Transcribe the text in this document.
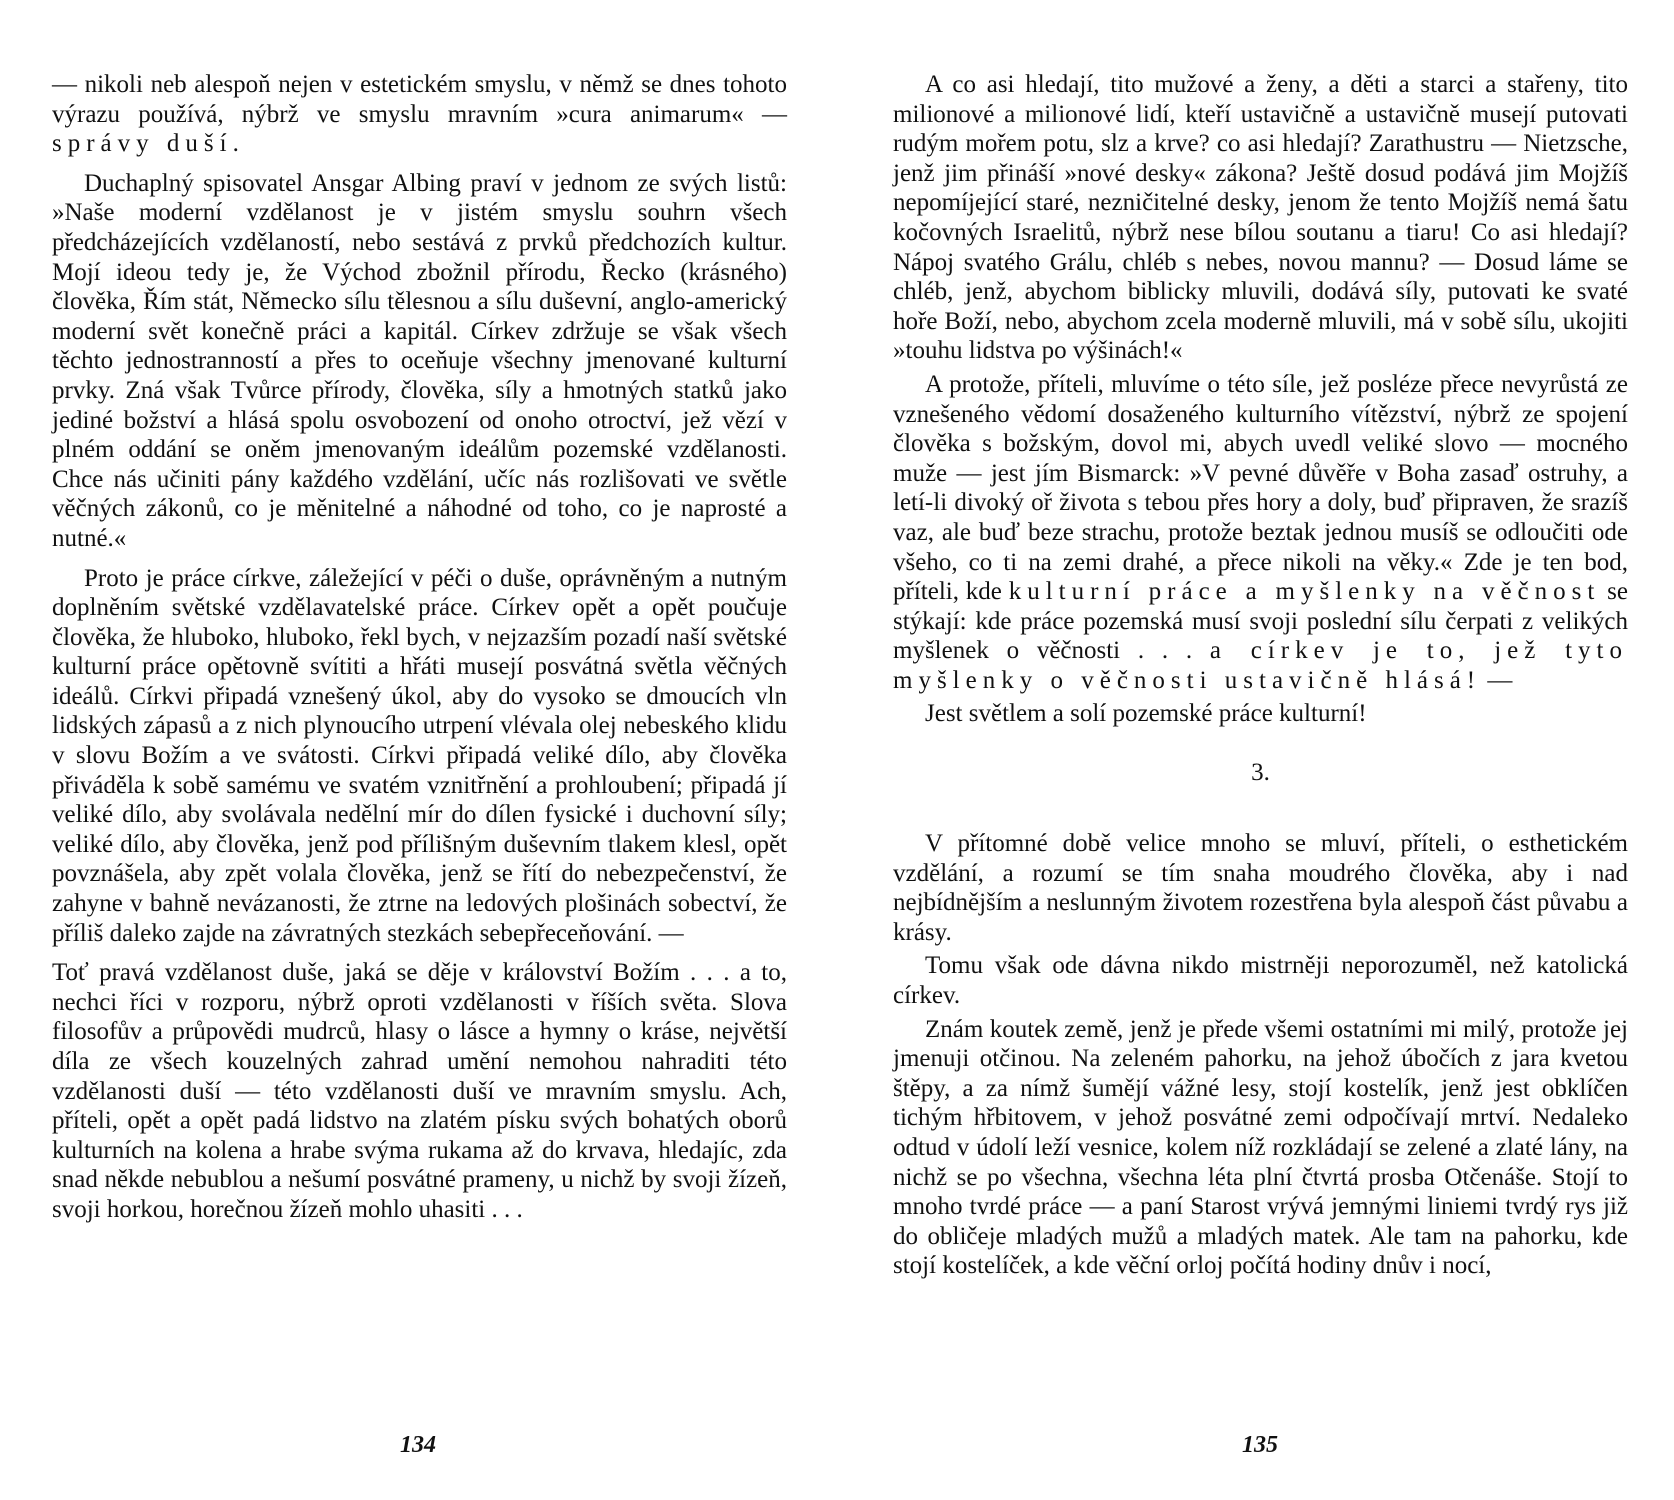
— nikoli neb alespoň nejen v estetickém smyslu, v němž se dnes tohoto výrazu používá, nýbrž ve smyslu mravním »cura animarum« — správy duší.

Duchaplný spisovatel Ansgar Albing praví v jednom ze svých listů: »Naše moderní vzdělanost je v jistém smyslu souhrn všech předcházejících vzdělaností, nebo sestává z prvků předchozích kultur. Mojí ideou tedy je, že Východ zbožnil přírodu, Řecko (krásného) člověka, Řím stát, Německo sílu tělesnou a sílu duševní, anglo-americký moderní svět konečně práci a kapitál. Církev zdržuje se však všech těchto jednostranností a přes to oceňuje všechny jmenované kulturní prvky. Zná však Tvůrce přírody, člověka, síly a hmotných statků jako jediné božství a hlásá spolu osvobození od onoho otroctví, jež vězí v plném oddání se oněm jmenovaným ideálům pozemské vzdělanosti. Chce nás učiniti pány každého vzdělání, učíc nás rozlišovati ve světle věčných zákonů, co je měnitelné a náhodné od toho, co je naprosté a nutné.«

Proto je práce církve, záležející v péči o duše, oprávněným a nutným doplněním světské vzdělavatelské práce. Církev opět a opět poučuje člověka, že hluboko, hluboko, řekl bych, v nejzazším pozadí naší světské kulturní práce opětovně svítiti a hřáti musejí posvátná světla věčných ideálů. Církvi připadá vznešený úkol, aby do vysoko se dmoucích vln lidských zápasů a z nich plynoucího utrpení vlévala olej nebeského klidu v slovu Božím a ve svátosti. Církvi připadá veliké dílo, aby člověka přiváděla k sobě samému ve svatém vznitřnění a prohloubení; připadá jí veliké dílo, aby svolávala nedělní mír do dílen fysické i duchovní síly; veliké dílo, aby člověka, jenž pod přílišným duševním tlakem klesl, opět povznášela, aby zpět volala člověka, jenž se řítí do nebezpečenství, že zahyne v bahně nevázanosti, že ztrne na ledových plošinách sobectví, že příliš daleko zajde na závratných stezkách sebepřeceňování. —

Toť pravá vzdělanost duše, jaká se děje v království Božím . . . a to, nechci říci v rozporu, nýbrž oproti vzdělanosti v říších světa. Slova filosofův a průpovědi mudrců, hlasy o lásce a hymny o kráse, největší díla ze všech kouzelných zahrad umění nemohou nahraditi této vzdělanosti duší — této vzdělanosti duší ve mravním smyslu. Ach, příteli, opět a opět padá lidstvo na zlatém písku svých bohatých oborů kulturních na kolena a hrabe svýma rukama až do krvava, hledajíc, zda snad někde nebublou a nešumí posvátné prameny, u nichž by svoji žízeň, svoji horkou, horečnou žízeň mohlo uhasiti . . .

134

A co asi hledají, tito mužové a ženy, a děti a starci a stařeny, tito milionové a milionové lidí, kteří ustavičně a ustavičně musejí putovati rudým mořem potu, slz a krve? co asi hledají? Zarathustru — Nietzsche, jenž jim přináší »nové desky« zákona? Ještě dosud podává jim Mojžíš nepomíjející staré, nezničitelné desky, jenom že tento Mojžíš nemá šatu kočovných Israelitů, nýbrž nese bílou soutanu a tiaru! Co asi hledají? Nápoj svatého Grálu, chléb s nebes, novou mannu? — Dosud láme se chléb, jenž, abychom biblicky mluvili, dodává síly, putovati ke svaté hoře Boží, nebo, abychom zcela moderně mluvili, má v sobě sílu, ukojiti »touhu lidstva po výšinách!«

A protože, příteli, mluvíme o této síle, jež posléze přece nevyrůstá ze vznešeného vědomí dosaženého kulturního vítězství, nýbrž ze spojení člověka s božským, dovol mi, abych uvedl veliké slovo — mocného muže — jest jím Bismarck: »V pevné důvěře v Boha zasaď ostruhy, a letí-li divoký oř života s tebou přes hory a doly, buď připraven, že srazíš vaz, ale buď beze strachu, protože beztak jednou musíš se odloučiti ode všeho, co ti na zemi drahé, a přece nikoli na věky.« Zde je ten bod, příteli, kde kulturní práce a myšlenky na věčnost se stýkají: kde práce pozemská musí svoji poslední sílu čerpati z velikých myšlenek o věčnosti . . . a církev je to, jež tyto myšlenky o věčnosti ustavičně hlásá! —

Jest světlem a solí pozemské práce kulturní!

3.

V přítomné době velice mnoho se mluví, příteli, o esthetickém vzdělání, a rozumí se tím snaha moudrého člověka, aby i nad nejbídnějším a neslunným životem rozestřena byla alespoň část půvabu a krásy.

Tomu však ode dávna nikdo mistrněji neporozuměl, než katolická církev.

Znám koutek země, jenž je přede všemi ostatními mi milý, protože jej jmenuji otčinou. Na zeleném pahorku, na jehož úbočích z jara kvetou štěpy, a za nímž šumějí vážné lesy, stojí kostelík, jenž jest obklíčen tichým hřbitovem, v jehož posvátné zemi odpočívají mrtví. Nedaleko odtud v údolí leží vesnice, kolem níž rozkládají se zelené a zlaté lány, na nichž se po všechna, všechna léta plní čtvrtá prosba Otčenáše. Stojí to mnoho tvrdé práce — a paní Starost vrývá jemnými liniemi tvrdý rys již do obličeje mladých mužů a mladých matek. Ale tam na pahorku, kde stojí kostelíček, a kde věční orloj počítá hodiny dnův i nocí,

135
